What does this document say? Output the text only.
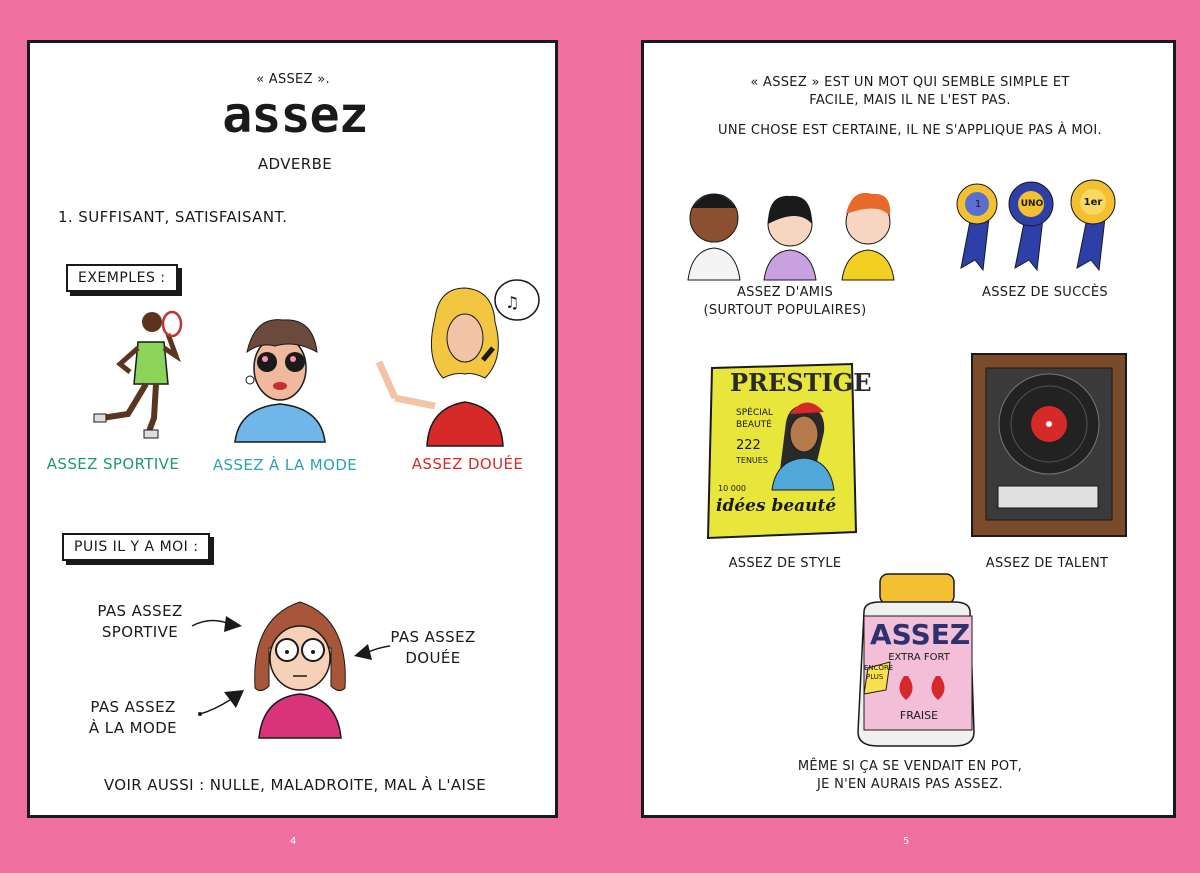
« ASSEZ ».
assez
ADVERBE
1. SUFFISANT, SATISFAISANT.
EXEMPLES :
♫
ASSEZ SPORTIVE	ASSEZ À LA MODE	ASSEZ DOUÉE
PUIS IL Y A MOI :
PAS ASSEZ
SPORTIVE	PAS ASSEZ
DOUÉE
PAS ASSEZ
À LA MODE
VOIR AUSSI : NULLE, MALADROITE, MAL À L'AISE
4
« ASSEZ » EST UN MOT QUI SEMBLE SIMPLE ET
FACILE, MAIS IL NE L'EST PAS.
UNE CHOSE EST CERTAINE, IL NE S'APPLIQUE PAS À MOI.
1	UNO	1er
ASSEZ D'AMIS
(SURTOUT POPULAIRES)
ASSEZ DE SUCCÈS
PRESTIGE
SPÉCIAL
BEAUTÉ
222
TENUES
10 000
idées beauté
ASSEZ DE STYLE	ASSEZ DE TALENT
ASSEZ
EXTRA FORT
ENCORE
PLUS
FRAISE
MÊME SI ÇA SE VENDAIT EN POT,
JE N'EN AURAIS PAS ASSEZ.
5
